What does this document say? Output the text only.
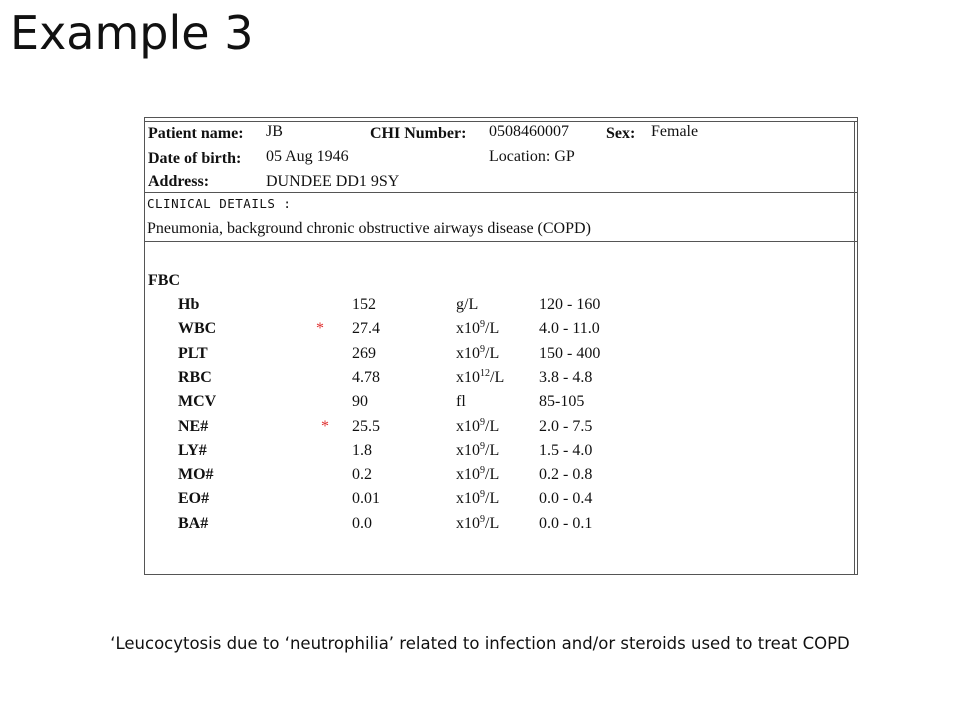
Example 3
Patient name: JB	CHI Number: 0508460007 Sex: Female
Date of birth: 05 Aug 1946	Location: GP
Address:	DUNDEE DD1 9SY
CLINICAL DETAILS :
Pneumonia, background chronic obstructive airways disease (COPD)
FBC
Hb	152	g/L	120 - 160
WBC	* 27.4	$x10^9/L$ 4.0 - 11.0
PLT	269	$x10^9/L$ 150 - 400
RBC	4.78	$x10^{12}/L$ 3.8 - 4.8
MCV	90	fl	85-105
NE#	* 25.5	$x10^9/L$ 2.0 - 7.5
LY#	1.8	$x10^9/L$ 1.5 - 4.0
MO#	0.2	$x10^9/L$ 0.2 - 0.8
EO#	0.01	$x10^9/L$ 0.0 - 0.4
BA#	0.0	$x10^9/L$ 0.0 - 0.1
‘Leucocytosis due to ‘neutrophilia’ related to infection and/or steroids used to treat COPD
